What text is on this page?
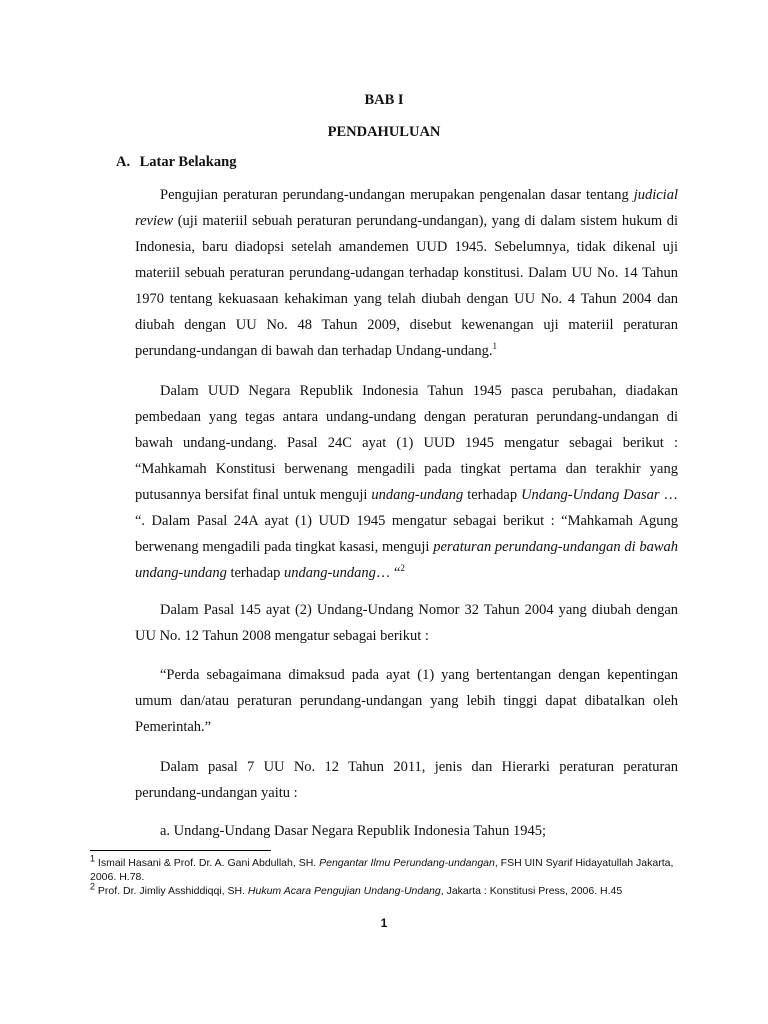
BAB I
PENDAHULUAN
A. Latar Belakang

Pengujian peraturan perundang-undangan merupakan pengenalan dasar tentang judicial review (uji materiil sebuah peraturan perundang-undangan), yang di dalam sistem hukum di Indonesia, baru diadopsi setelah amandemen UUD 1945. Sebelumnya, tidak dikenal uji materiil sebuah peraturan perundang-udangan terhadap konstitusi. Dalam UU No. 14 Tahun 1970 tentang kekuasaan kehakiman yang telah diubah dengan UU No. 4 Tahun 2004 dan diubah dengan UU No. 48 Tahun 2009, disebut kewenangan uji materiil peraturan perundang-undangan di bawah dan terhadap Undang-undang.$^1$

Dalam UUD Negara Republik Indonesia Tahun 1945 pasca perubahan, diadakan pembedaan yang tegas antara undang-undang dengan peraturan perundang-undangan di bawah undang-undang. Pasal 24C ayat (1) UUD 1945 mengatur sebagai berikut : “Mahkamah Konstitusi berwenang mengadili pada tingkat pertama dan terakhir yang putusannya bersifat final untuk menguji undang-undang terhadap Undang-Undang Dasar … “. Dalam Pasal 24A ayat (1) UUD 1945 mengatur sebagai berikut : “Mahkamah Agung berwenang mengadili pada tingkat kasasi, menguji peraturan perundang-undangan di bawah undang-undang terhadap undang-undang… “$^2$

Dalam Pasal 145 ayat (2) Undang-Undang Nomor 32 Tahun 2004 yang diubah dengan UU No. 12 Tahun 2008 mengatur sebagai berikut :

“Perda sebagaimana dimaksud pada ayat (1) yang bertentangan dengan kepentingan umum dan/atau peraturan perundang-undangan yang lebih tinggi dapat dibatalkan oleh Pemerintah.”

Dalam pasal 7 UU No. 12 Tahun 2011, jenis dan Hierarki peraturan peraturan perundang-undangan yaitu :

a. Undang-Undang Dasar Negara Republik Indonesia Tahun 1945;

$^1$ Ismail Hasani & Prof. Dr. A. Gani Abdullah, SH. Pengantar Ilmu Perundang-undangan, FSH UIN Syarif Hidayatullah Jakarta, 2006. H.78.
$^2$ Prof. Dr. Jimliy Asshiddiqqi, SH. Hukum Acara Pengujian Undang-Undang, Jakarta : Konstitusi Press, 2006. H.45
1
